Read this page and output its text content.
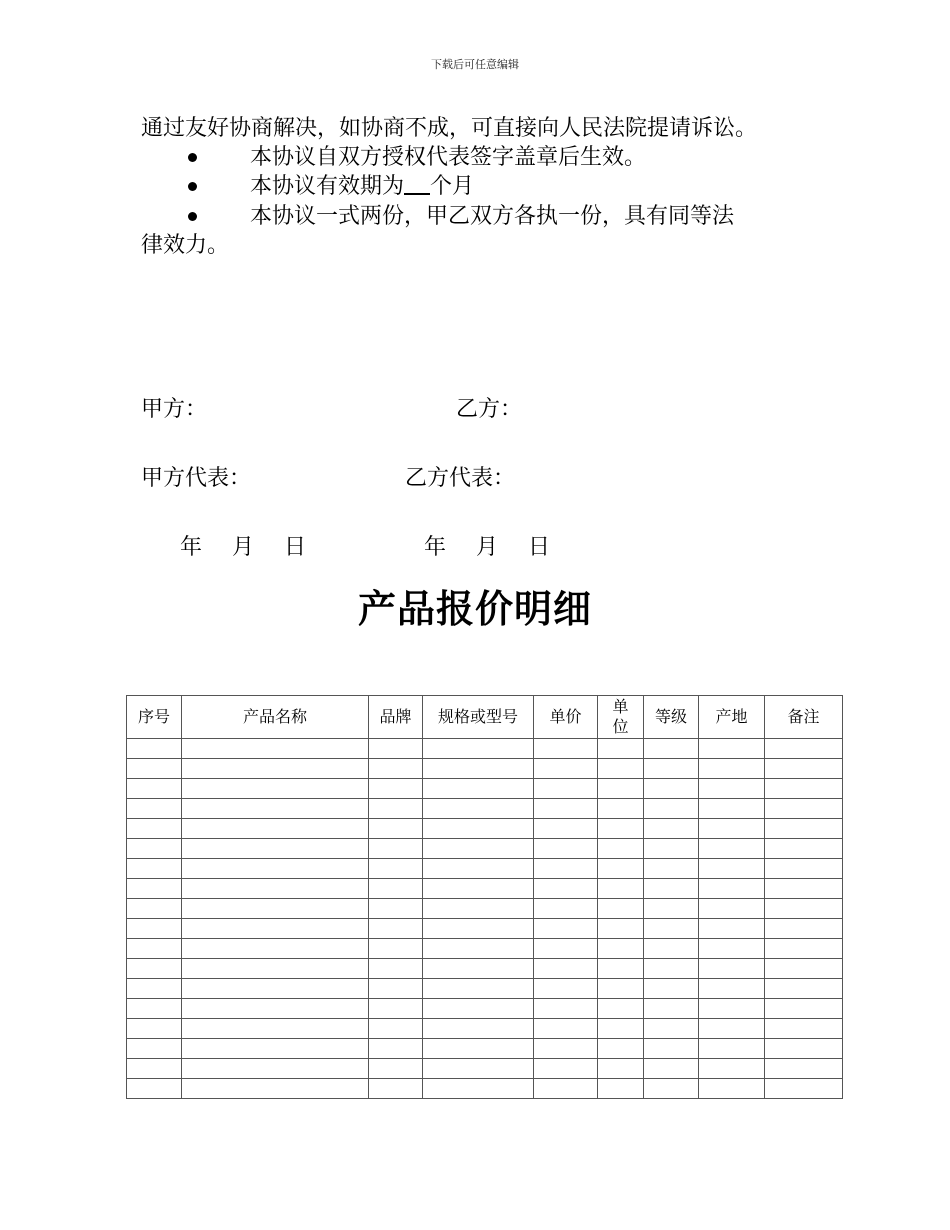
下载后可任意编辑
通过友好协商解决，如协商不成，可直接向人民法院提请诉讼。
本协议自双方授权代表签字盖章后生效。
本协议有效期为 个月
本协议一式两份，甲乙双方各执一份，具有同等法
律效力。
甲方：	乙方：
甲方代表：	乙方代表：
年　月　日	年　月　日
产品报价明细
序号	产品名称	品牌	规格或型号	单价	单位	等级	产地	备注
